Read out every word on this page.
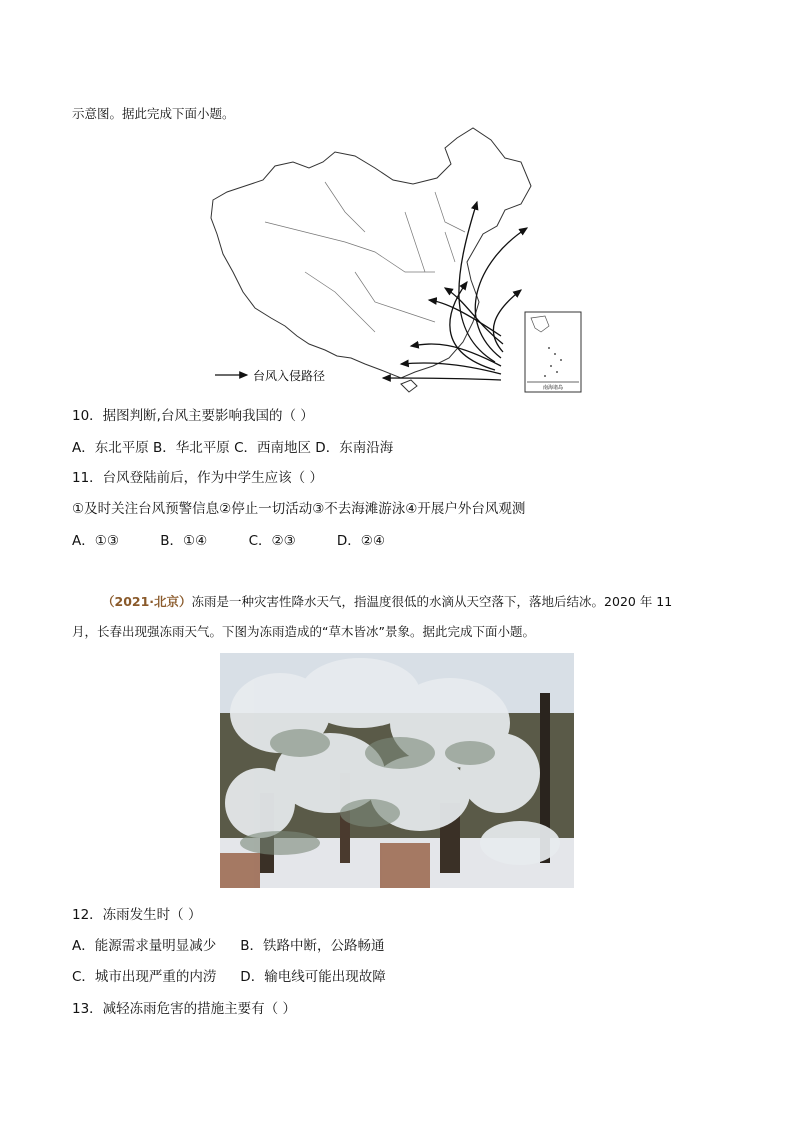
示意图。据此完成下面小题。
南海诸岛
台风入侵路径
10．据图判断,台风主要影响我国的（ ）
A．东北平原 B．华北平原 C．西南地区 D．东南沿海
11．台风登陆前后，作为中学生应该（ ）
①及时关注台风预警信息②停止一切活动③不去海滩游泳④开展户外台风观测
A．①③	B．①④	C．②③	D．②④
（2021·北京）冻雨是一种灾害性降水天气，指温度很低的水滴从天空落下，落地后结冰。2020 年 11
月，长春出现强冻雨天气。下图为冻雨造成的“草木皆冰”景象。据此完成下面小题。
12．冻雨发生时（ ）
A．能源需求量明显减少 B．铁路中断，公路畅通
C．城市出现严重的内涝 D．输电线可能出现故障
13．减轻冻雨危害的措施主要有（ ）
